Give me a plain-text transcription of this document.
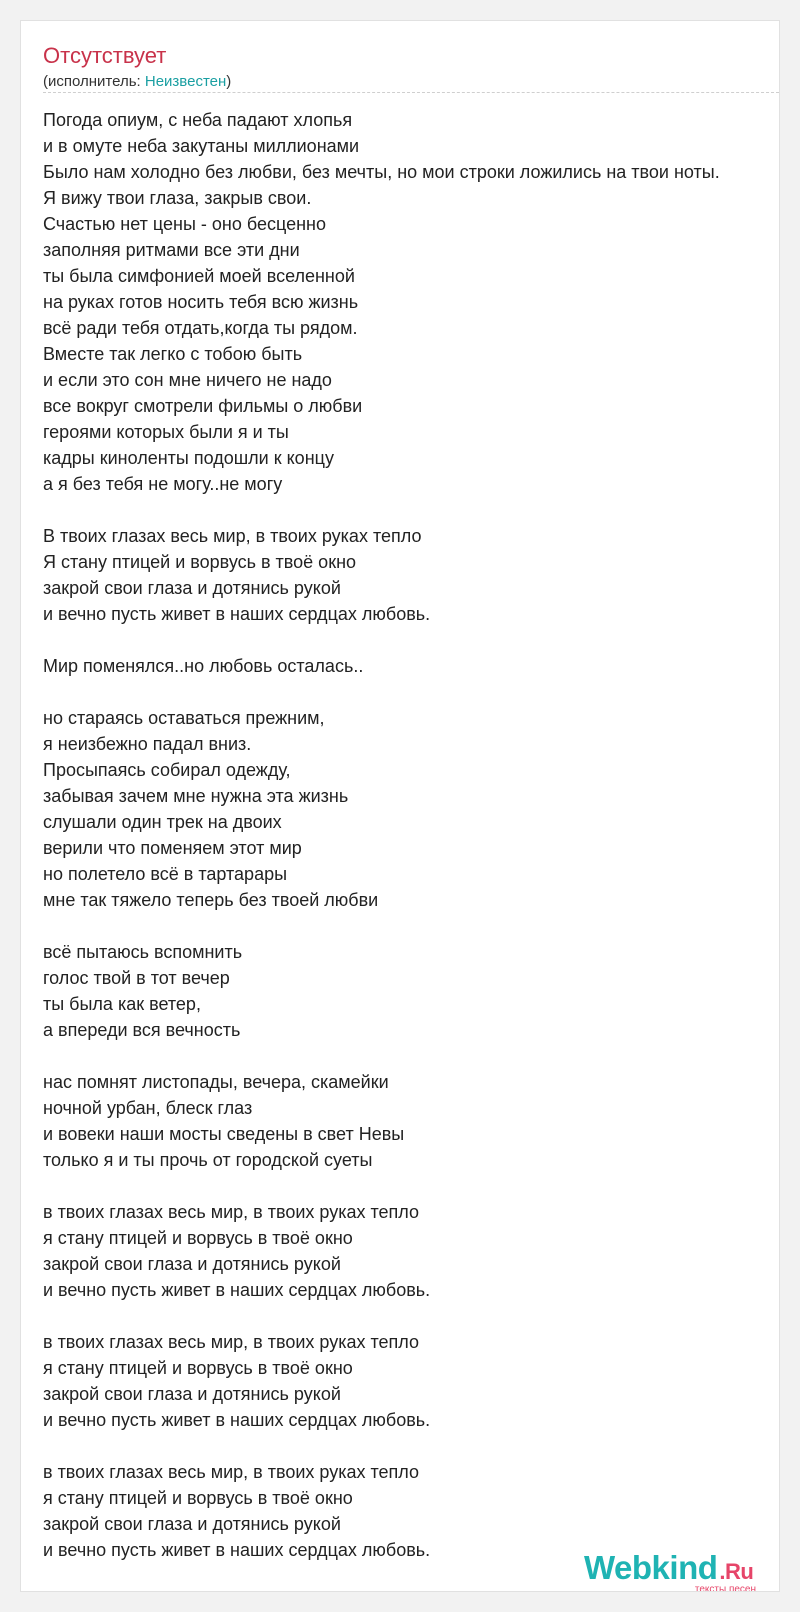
Отсутствует
(исполнитель: Неизвестен)
Погода опиум, с неба падают хлопья
и в омуте неба закутаны миллионами
Было нам холодно без любви, без мечты, но мои строки ложились на твои ноты.
Я вижу твои глаза, закрыв свои.
Счастью нет цены - оно бесценно
заполняя ритмами все эти дни
ты была симфонией моей вселенной
на руках готов носить тебя всю жизнь
всё ради тебя отдать,когда ты рядом.
Вместе так легко с тобою быть
и если это сон мне ничего не надо
все вокруг смотрели фильмы о любви
героями которых были я и ты
кадры киноленты подошли к концу
а я без тебя не могу..не могу
В твоих глазах весь мир, в твоих руках тепло
Я стану птицей и ворвусь в твоё окно
закрой свои глаза и дотянись рукой
и вечно пусть живет в наших сердцах любовь.
Мир поменялся..но любовь осталась..
но стараясь оставаться прежним,
я неизбежно падал вниз.
Просыпаясь собирал одежду,
забывая зачем мне нужна эта жизнь
слушали один трек на двоих
верили что поменяем этот мир
но полетело всё в тартарары
мне так тяжело теперь без твоей любви
всё пытаюсь вспомнить
голос твой в тот вечер
ты была как ветер,
а впереди вся вечность
нас помнят листопады, вечера, скамейки
ночной урбан, блеск глаз
и вовеки наши мосты сведены в свет Невы
только я и ты прочь от городской суеты
в твоих глазах весь мир, в твоих руках тепло
я стану птицей и ворвусь в твоё окно
закрой свои глаза и дотянись рукой
и вечно пусть живет в наших сердцах любовь.
в твоих глазах весь мир, в твоих руках тепло
я стану птицей и ворвусь в твоё окно
закрой свои глаза и дотянись рукой
и вечно пусть живет в наших сердцах любовь.
в твоих глазах весь мир, в твоих руках тепло
я стану птицей и ворвусь в твоё окно
закрой свои глаза и дотянись рукой
и вечно пусть живет в наших сердцах любовь.	Webkind.Ru
тексты песен
